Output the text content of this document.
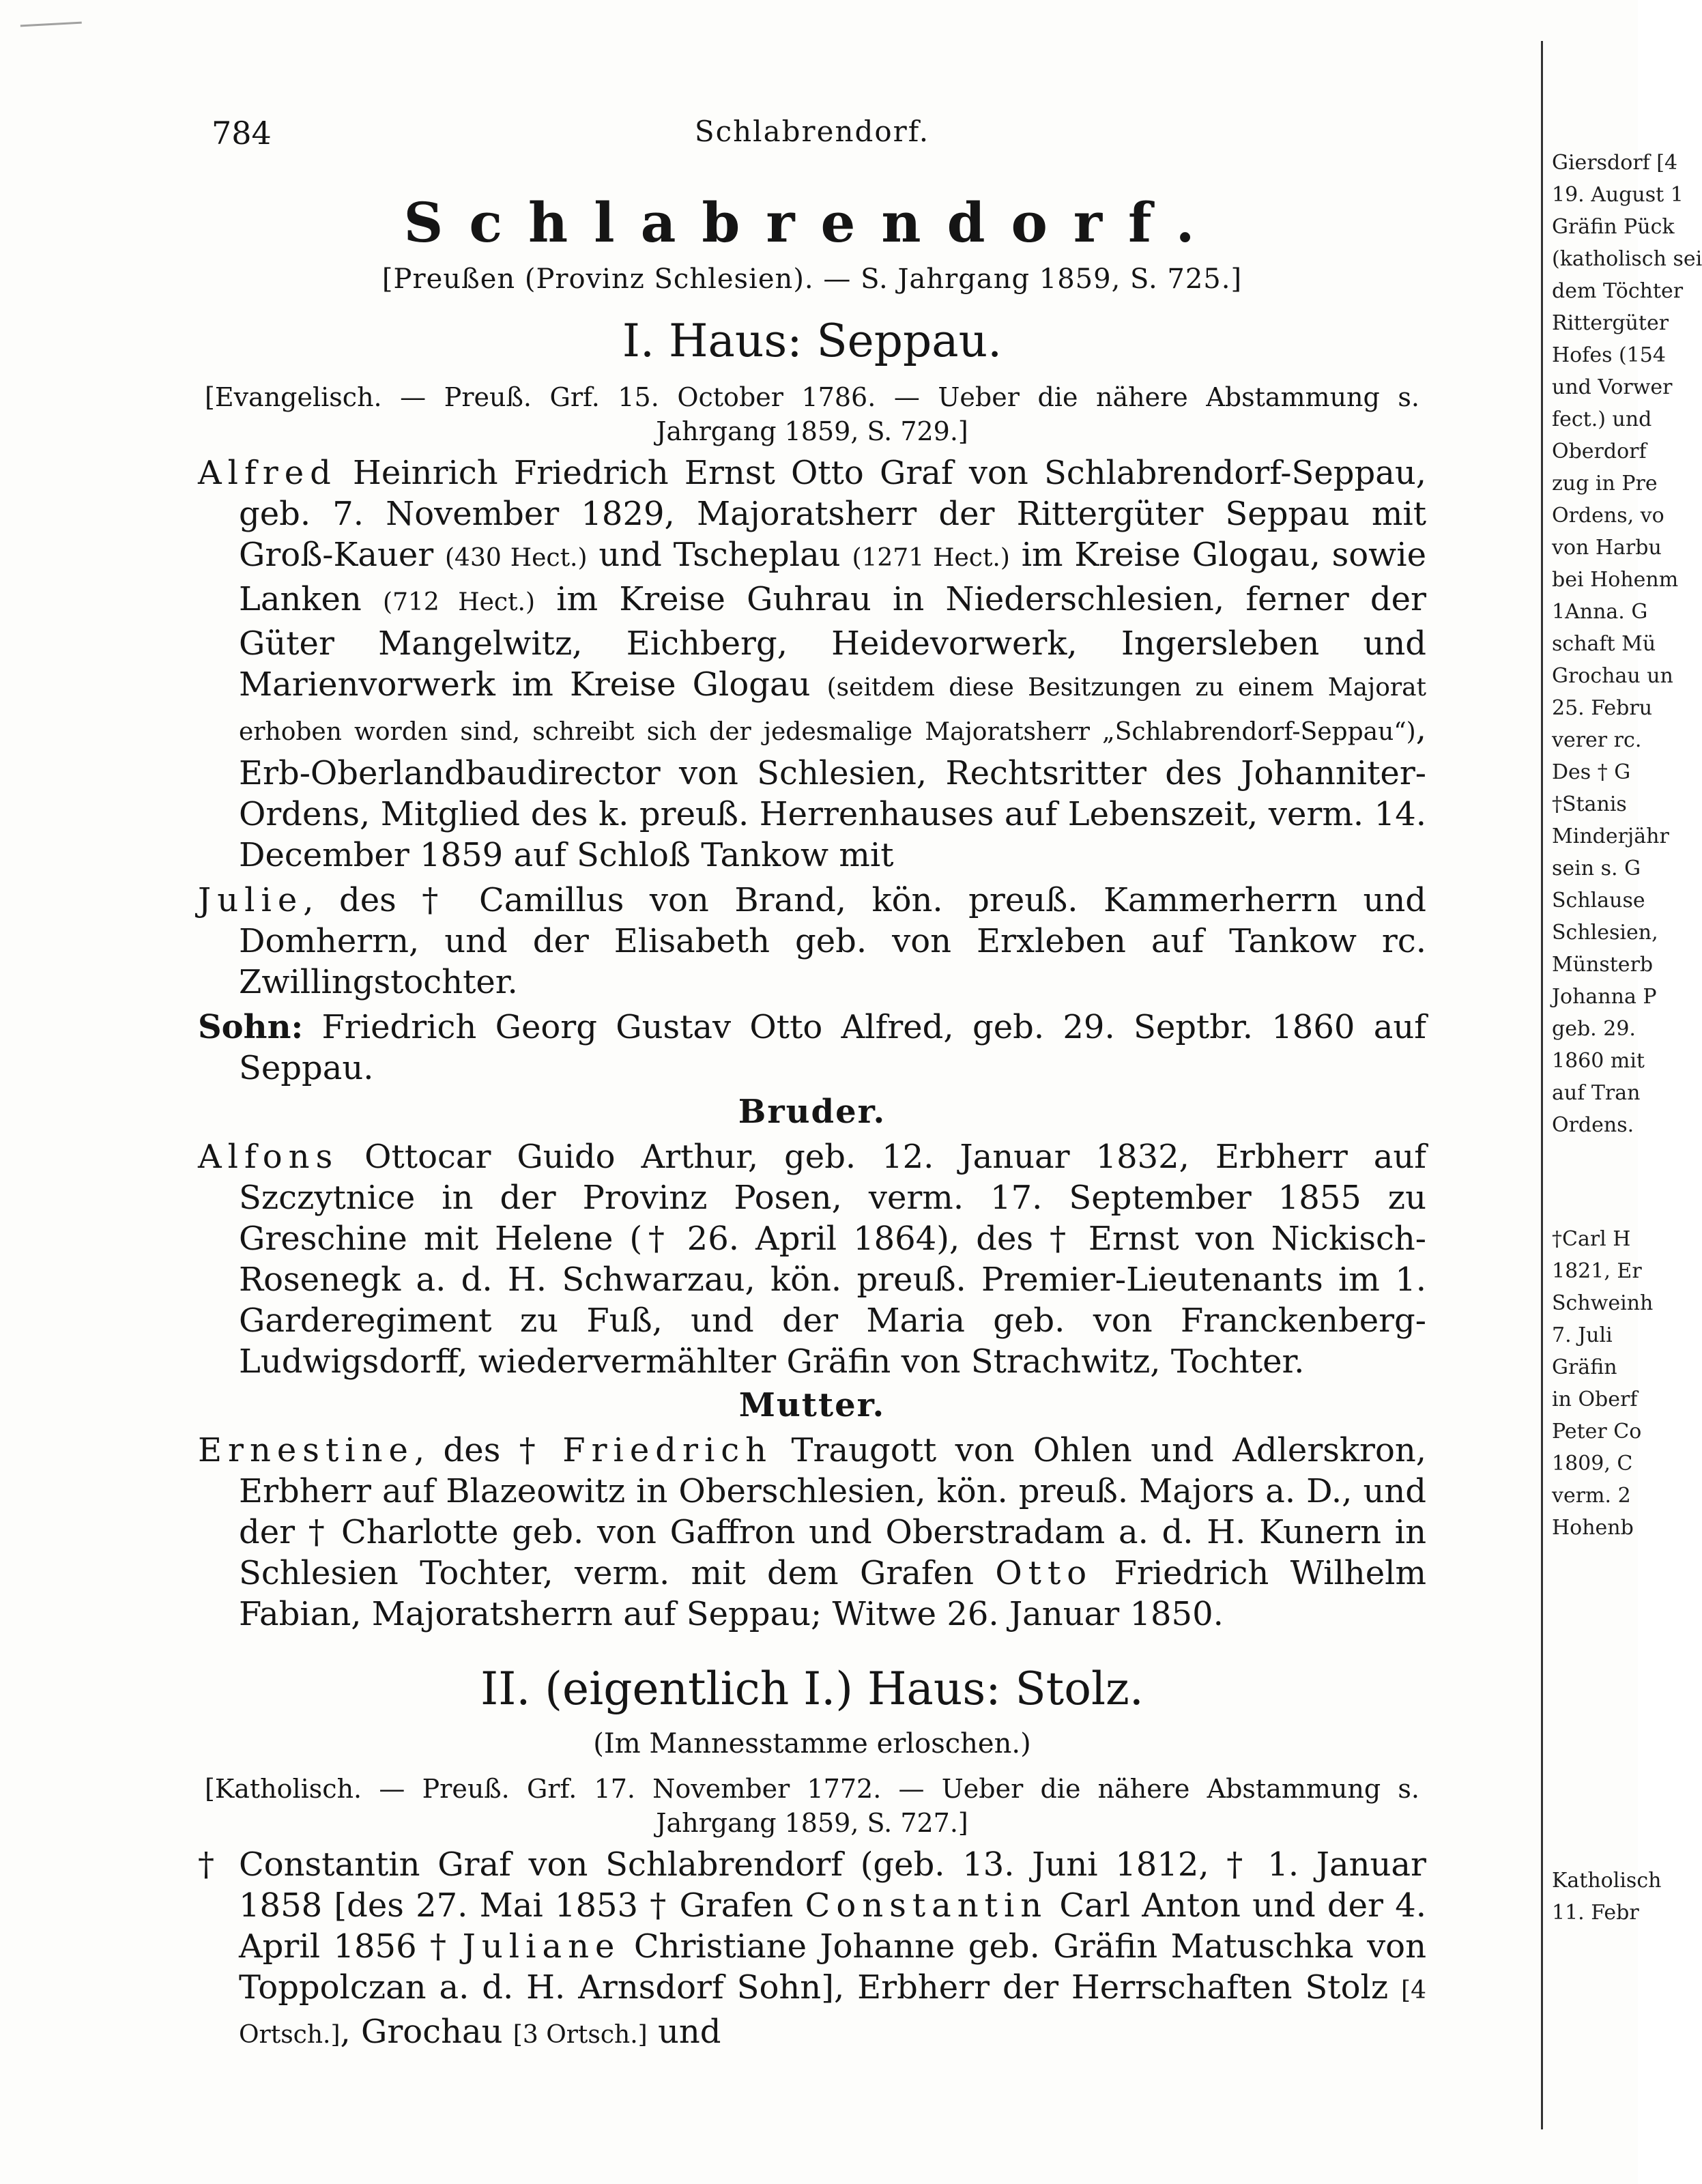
784	Schlabrendorf.
Schlabrendorf.
[Preußen (Provinz Schlesien). — S. Jahrgang 1859, S. 725.]
I. Haus: Seppau.
[Evangelisch. — Preuß. Grf. 15. October 1786. — Ueber die nähere Abstammung s. Jahrgang 1859, S. 729.]
Alfred Heinrich Friedrich Ernst Otto Graf von Schlabrendorf-Seppau, geb. 7. November 1829, Majoratsherr der Rittergüter Seppau mit Groß-Kauer (430 Hect.) und Tscheplau (1271 Hect.) im Kreise Glogau, sowie Lanken (712 Hect.) im Kreise Guhrau in Niederschlesien, ferner der Güter Mangelwitz, Eichberg, Heidevorwerk, Ingersleben und Marienvorwerk im Kreise Glogau (seitdem diese Besitzungen zu einem Majorat erhoben worden sind, schreibt sich der jedesmalige Majoratsherr „Schlabrendorf-Seppau“), Erb-Oberlandbaudirector von Schlesien, Rechtsritter des Johanniter-Ordens, Mitglied des k. preuß. Herrenhauses auf Lebenszeit, verm. 14. December 1859 auf Schloß Tankow mit
Julie, des † Camillus von Brand, kön. preuß. Kammerherrn und Domherrn, und der Elisabeth geb. von Erxleben auf Tankow rc. Zwillingstochter.
Sohn: Friedrich Georg Gustav Otto Alfred, geb. 29. Septbr. 1860 auf Seppau.
Bruder.
Alfons Ottocar Guido Arthur, geb. 12. Januar 1832, Erbherr auf Szczytnice in der Provinz Posen, verm. 17. September 1855 zu Greschine mit Helene († 26. April 1864), des † Ernst von Nickisch-Rosenegk a. d. H. Schwarzau, kön. preuß. Premier-Lieutenants im 1. Garderegiment zu Fuß, und der Maria geb. von Franckenberg-Ludwigsdorff, wiedervermählter Gräfin von Strachwitz, Tochter.
Mutter.
Ernestine, des † Friedrich Traugott von Ohlen und Adlerskron, Erbherr auf Blazeowitz in Oberschlesien, kön. preuß. Majors a. D., und der † Charlotte geb. von Gaffron und Oberstradam a. d. H. Kunern in Schlesien Tochter, verm. mit dem Grafen Otto Friedrich Wilhelm Fabian, Majoratsherrn auf Seppau; Witwe 26. Januar 1850.
II. (eigentlich I.) Haus: Stolz.
(Im Mannesstamme erloschen.)
[Katholisch. — Preuß. Grf. 17. November 1772. — Ueber die nähere Abstammung s. Jahrgang 1859, S. 727.]
† Constantin Graf von Schlabrendorf (geb. 13. Juni 1812, † 1. Januar 1858 [des 27. Mai 1853 † Grafen Constantin Carl Anton und der 4. April 1856 † Juliane Christiane Johanne geb. Gräfin Matuschka von Toppolczan a. d. H. Arnsdorf Sohn], Erbherr der Herrschaften Stolz [4 Ortsch.], Grochau [3 Ortsch.] und
Giersdorf [4
19. August 1
Gräfin Pück
(katholisch sei
dem Töchter
Rittergüter
Hofes (154
und Vorwer
fect.) und
Oberdorf
zug in Pre
Ordens, vo
von Harbu
bei Hohenm
1Anna. G
schaft Mü
Grochau un
25. Febru
verer rc.
Des † G
†Stanis
Minderjähr
sein s. G
Schlause
Schlesien,
Münsterb
Johanna P
geb. 29.
1860 mit
auf Tran
Ordens.
†Carl H
1821, Er
Schweinh
7. Juli
Gräfin
in Oberf
Peter Co
1809, C
verm. 2
Hohenb
Katholisch
11. Febr
